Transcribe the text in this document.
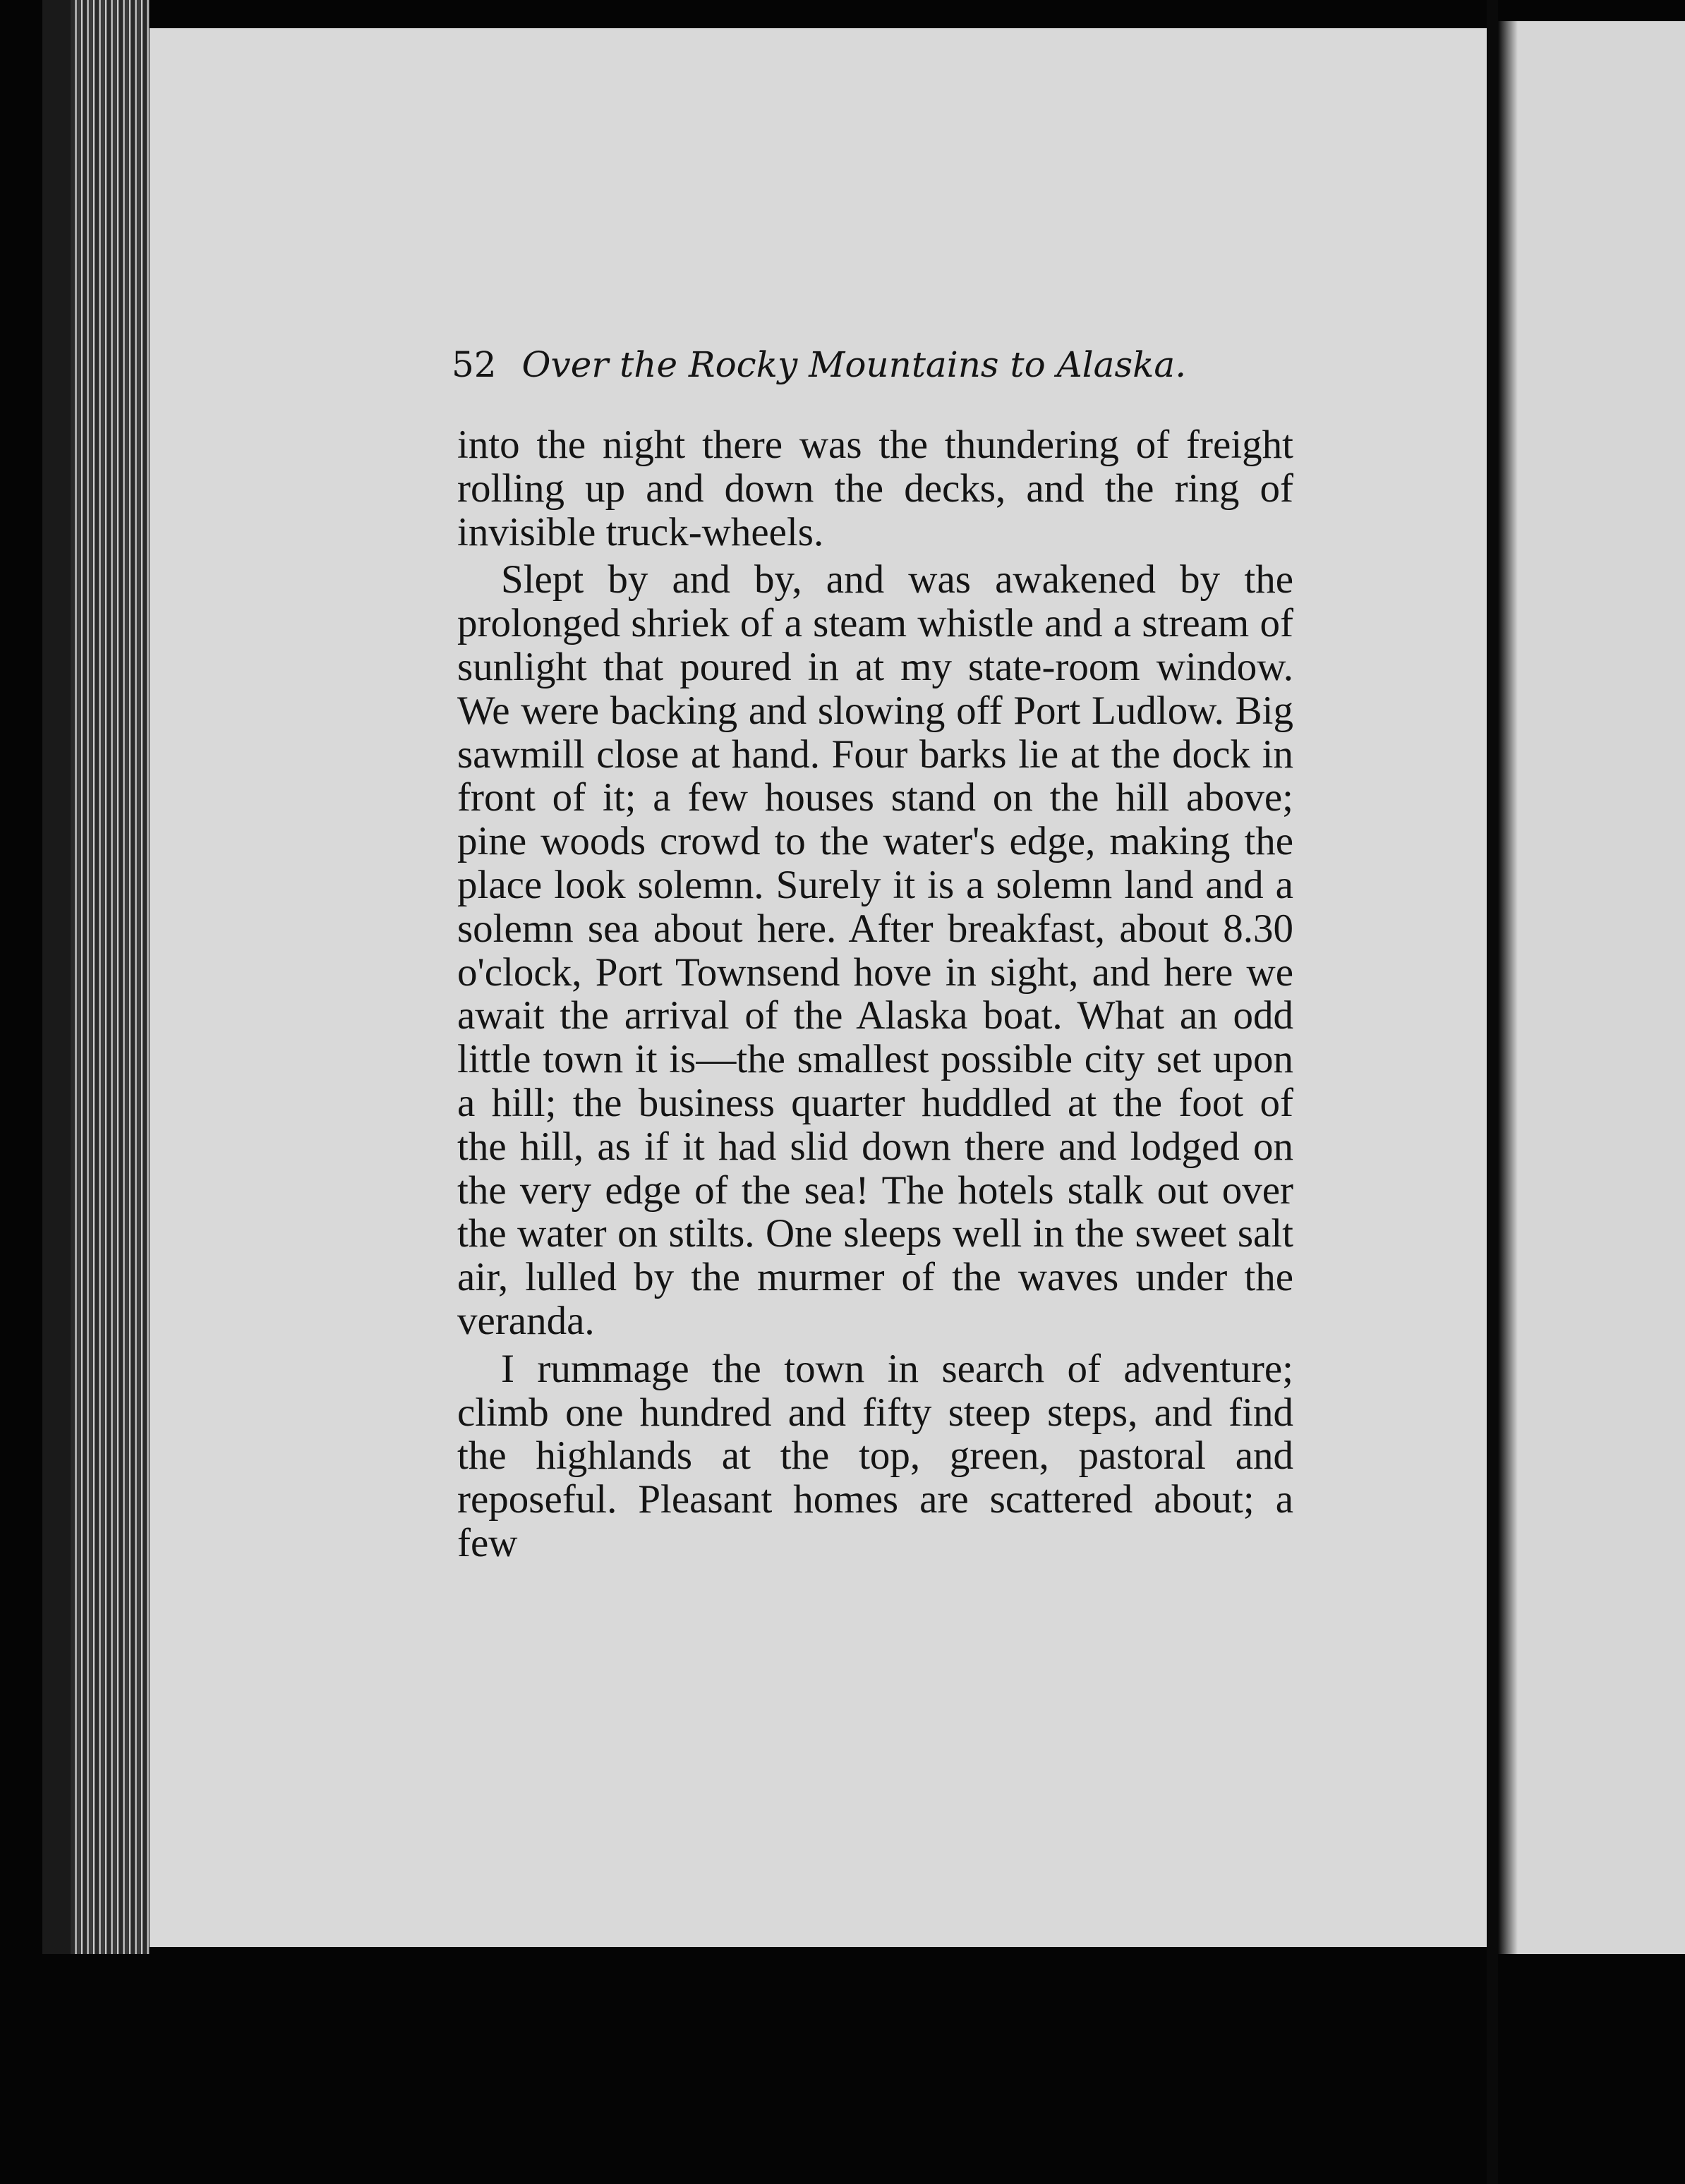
52 Over the Rocky Mountains to Alaska.

into the night there was the thundering of freight rolling up and down the decks, and the ring of invisible truck-wheels.

Slept by and by, and was awakened by the prolonged shriek of a steam whistle and a stream of sunlight that poured in at my state-room window. We were backing and slowing off Port Ludlow. Big sawmill close at hand. Four barks lie at the dock in front of it; a few houses stand on the hill above; pine woods crowd to the water's edge, making the place look solemn. Surely it is a solemn land and a solemn sea about here. After breakfast, about 8.30 o'clock, Port Townsend hove in sight, and here we await the arrival of the Alaska boat. What an odd little town it is—the smallest possible city set upon a hill; the business quarter huddled at the foot of the hill, as if it had slid down there and lodged on the very edge of the sea! The hotels stalk out over the water on stilts. One sleeps well in the sweet salt air, lulled by the murmer of the waves under the veranda.

I rummage the town in search of adventure; climb one hundred and fifty steep steps, and find the highlands at the top, green, pastoral and reposeful. Pleasant homes are scattered about; a few
